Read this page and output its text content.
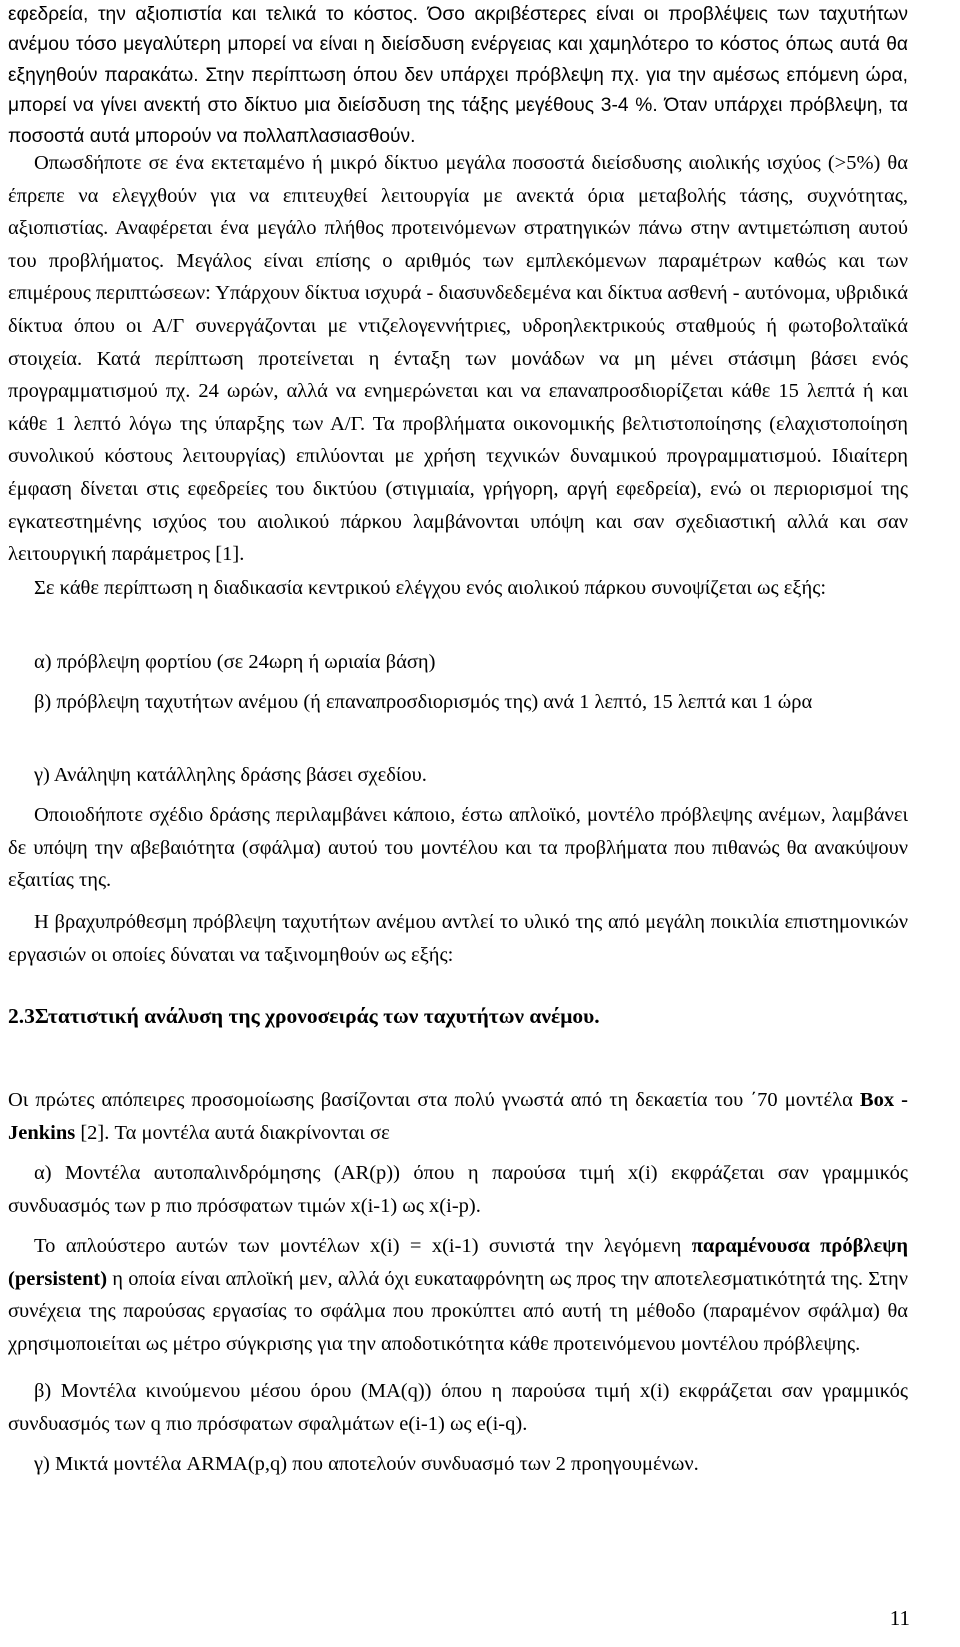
εφεδρεία, την αξιοπιστία και τελικά το κόστος. Όσο ακριβέστερες είναι οι προβλέψεις των ταχυτήτων ανέμου τόσο μεγαλύτερη μπορεί να είναι η διείσδυση ενέργειας και χαμηλότερο το κόστος όπως αυτά θα εξηγηθούν παρακάτω. Στην περίπτωση όπου δεν υπάρχει πρόβλεψη πχ. για την αμέσως επόμενη ώρα, μπορεί να γίνει ανεκτή στο δίκτυο μια διείσδυση της τάξης μεγέθους 3-4 %. Όταν υπάρχει πρόβλεψη, τα ποσοστά αυτά μπορούν να πολλαπλασιασθούν.

Οπωσδήποτε σε ένα εκτεταμένο ή μικρό δίκτυο μεγάλα ποσοστά διείσδυσης αιολικής ισχύος (>5%) θα έπρεπε να ελεγχθούν για να επιτευχθεί λειτουργία με ανεκτά όρια μεταβολής τάσης, συχνότητας, αξιοπιστίας. Αναφέρεται ένα μεγάλο πλήθος προτεινόμενων στρατηγικών πάνω στην αντιμετώπιση αυτού του προβλήματος. Μεγάλος είναι επίσης ο αριθμός των εμπλεκόμενων παραμέτρων καθώς και των επιμέρους περιπτώσεων: Υπάρχουν δίκτυα ισχυρά - διασυνδεδεμένα και δίκτυα ασθενή - αυτόνομα, υβριδικά δίκτυα όπου οι Α/Γ συνεργάζονται με ντιζελογεννήτριες, υδροηλεκτρικούς σταθμούς ή φωτοβολταϊκά στοιχεία. Κατά περίπτωση προτείνεται η ένταξη των μονάδων να μη μένει στάσιμη βάσει ενός προγραμματισμού πχ. 24 ωρών, αλλά να ενημερώνεται και να επαναπροσδιορίζεται κάθε 15 λεπτά ή και κάθε 1 λεπτό λόγω της ύπαρξης των Α/Γ. Τα προβλήματα οικονομικής βελτιστοποίησης (ελαχιστοποίηση συνολικού κόστους λειτουργίας) επιλύονται με χρήση τεχνικών δυναμικού προγραμματισμού. Ιδιαίτερη έμφαση δίνεται στις εφεδρείες του δικτύου (στιγμιαία, γρήγορη, αργή εφεδρεία), ενώ οι περιορισμοί της εγκατεστημένης ισχύος του αιολικού πάρκου λαμβάνονται υπόψη και σαν σχεδιαστική αλλά και σαν λειτουργική παράμετρος [1].

Σε κάθε περίπτωση η διαδικασία κεντρικού ελέγχου ενός αιολικού πάρκου συνοψίζεται ως εξής:

α) πρόβλεψη φορτίου (σε 24ωρη ή ωριαία βάση)

β) πρόβλεψη ταχυτήτων ανέμου (ή επαναπροσδιορισμός της) ανά 1 λεπτό, 15 λεπτά και 1 ώρα

γ) Ανάληψη κατάλληλης δράσης βάσει σχεδίου.

Οποιοδήποτε σχέδιο δράσης περιλαμβάνει κάποιο, έστω απλοϊκό, μοντέλο πρόβλεψης ανέμων, λαμβάνει δε υπόψη την αβεβαιότητα (σφάλμα) αυτού του μοντέλου και τα προβλήματα που πιθανώς θα ανακύψουν εξαιτίας της.

Η βραχυπρόθεσμη πρόβλεψη ταχυτήτων ανέμου αντλεί το υλικό της από μεγάλη ποικιλία επιστημονικών εργασιών οι οποίες δύναται να ταξινομηθούν ως εξής:

2.3Στατιστική ανάλυση της χρονοσειράς των ταχυτήτων ανέμου.

Οι πρώτες απόπειρες προσομοίωσης βασίζονται στα πολύ γνωστά από τη δεκαετία του ΄70 μοντέλα Box - Jenkins [2]. Τα μοντέλα αυτά διακρίνονται σε

α) Μοντέλα αυτοπαλινδρόμησης (AR(p)) όπου η παρούσα τιμή x(i) εκφράζεται σαν γραμμικός συνδυασμός των p πιο πρόσφατων τιμών x(i-1) ως x(i-p).

Το απλούστερο αυτών των μοντέλων x(i) = x(i-1) συνιστά την λεγόμενη παραμένουσα πρόβλεψη (persistent) η οποία είναι απλοϊκή μεν, αλλά όχι ευκαταφρόνητη ως προς την αποτελεσματικότητά της. Στην συνέχεια της παρούσας εργασίας το σφάλμα που προκύπτει από αυτή τη μέθοδο (παραμένον σφάλμα) θα χρησιμοποιείται ως μέτρο σύγκρισης για την αποδοτικότητα κάθε προτεινόμενου μοντέλου πρόβλεψης.

β) Μοντέλα κινούμενου μέσου όρου (MA(q)) όπου η παρούσα τιμή x(i) εκφράζεται σαν γραμμικός συνδυασμός των q πιο πρόσφατων σφαλμάτων e(i-1) ως e(i-q).

γ) Μικτά μοντέλα ARMA(p,q) που αποτελούν συνδυασμό των 2 προηγουμένων.

11
